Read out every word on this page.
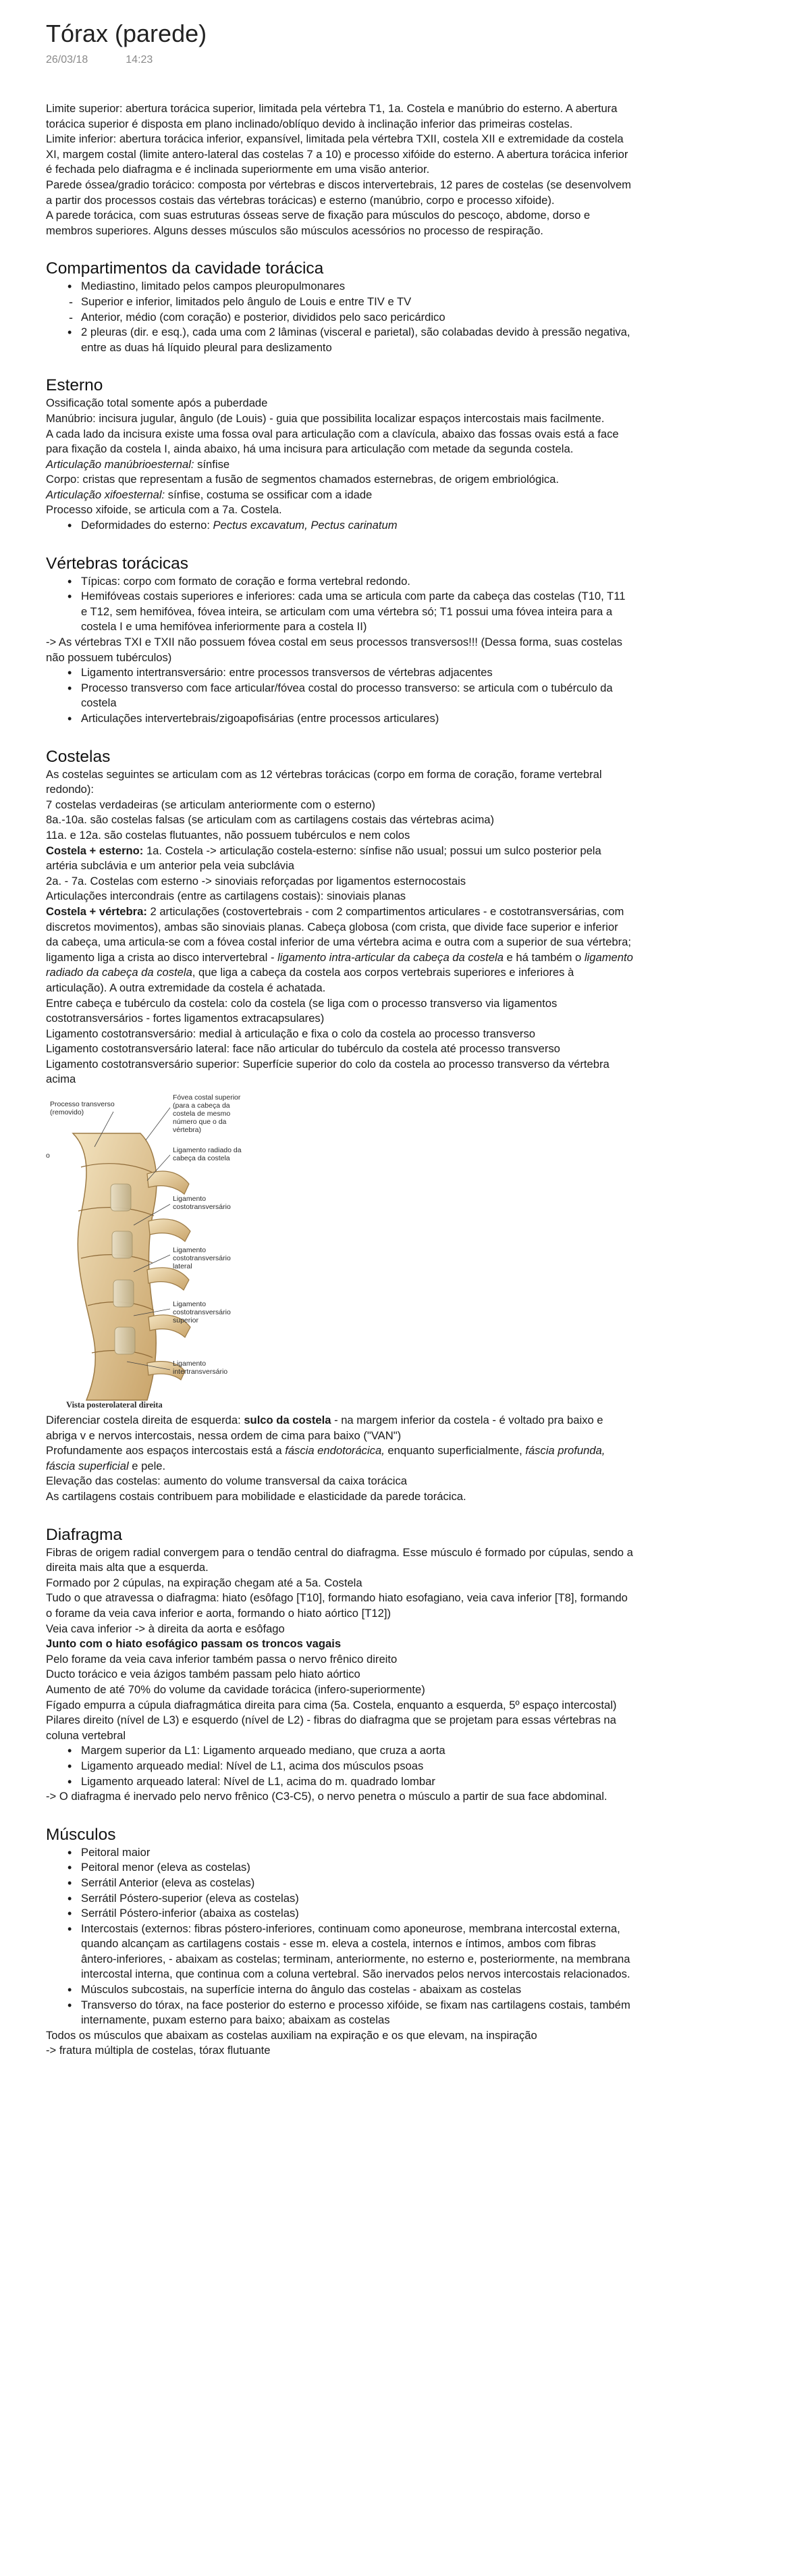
Tórax (parede)
26/03/18	14:23

Limite superior: abertura torácica superior, limitada pela vértebra T1, 1a. Costela e manúbrio do esterno. A abertura torácica superior é disposta em plano inclinado/oblíquo devido à inclinação inferior das primeiras costelas.

Limite inferior: abertura torácica inferior, expansível, limitada pela vértebra TXII, costela XII e extremidade da costela XI, margem costal (limite antero-lateral das costelas 7 a 10) e processo xifóide do esterno. A abertura torácica inferior é fechada pelo diafragma e é inclinada superiormente em uma visão anterior.

Parede óssea/gradio torácico: composta por vértebras e discos intervertebrais, 12 pares de costelas (se desenvolvem a partir dos processos costais das vértebras torácicas) e esterno (manúbrio, corpo e processo xifoide).

A parede torácica, com suas estruturas ósseas serve de fixação para músculos do pescoço, abdome, dorso e membros superiores. Alguns desses músculos são músculos acessórios no processo de respiração.

Compartimentos da cavidade torácica
• Mediastino, limitado pelos campos pleuropulmonares
- Superior e inferior, limitados pelo ângulo de Louis e entre TIV e TV
- Anterior, médio (com coração) e posterior, divididos pelo saco pericárdico
• 2 pleuras (dir. e esq.), cada uma com 2 lâminas (visceral e parietal), são colabadas devido à pressão negativa, entre as duas há líquido pleural para deslizamento
Esterno

Ossificação total somente após a puberdade

Manúbrio: incisura jugular, ângulo (de Louis) - guia que possibilita localizar espaços intercostais mais facilmente.

A cada lado da incisura existe uma fossa oval para articulação com a clavícula, abaixo das fossas ovais está a face para fixação da costela I, ainda abaixo, há uma incisura para articulação com metade da segunda costela.

Articulação manúbrioesternal: sínfise

Corpo: cristas que representam a fusão de segmentos chamados esternebras, de origem embriológica.

Articulação xifoesternal: sínfise, costuma se ossificar com a idade

Processo xifoide, se articula com a 7a. Costela.

• Deformidades do esterno: Pectus excavatum, Pectus carinatum
Vértebras torácicas
• Típicas: corpo com formato de coração e forma vertebral redondo.
• Hemifóveas costais superiores e inferiores: cada uma se articula com parte da cabeça das costelas (T10, T11 e T12, sem hemifóvea, fóvea inteira, se articulam com uma vértebra só; T1 possui uma fóvea inteira para a costela I e uma hemifóvea inferiormente para a costela II)

-> As vértebras TXI e TXII não possuem fóvea costal em seus processos transversos!!! (Dessa forma, suas costelas não possuem tubérculos)

• Ligamento intertransversário: entre processos transversos de vértebras adjacentes
• Processo transverso com face articular/fóvea costal do processo transverso: se articula com o tubérculo da costela
• Articulações intervertebrais/zigoapofisárias (entre processos articulares)
Costelas

As costelas seguintes se articulam com as 12 vértebras torácicas (corpo em forma de coração, forame vertebral redondo):

7 costelas verdadeiras (se articulam anteriormente com o esterno)

8a.-10a. são costelas falsas (se articulam com as cartilagens costais das vértebras acima)

11a. e 12a. são costelas flutuantes, não possuem tubérculos e nem colos

Costela + esterno: 1a. Costela -> articulação costela-esterno: sínfise não usual; possui um sulco posterior pela artéria subclávia e um anterior pela veia subclávia

2a. - 7a. Costelas com esterno -> sinoviais reforçadas por ligamentos esternocostais

Articulações intercondrais (entre as cartilagens costais): sinoviais planas

Costela + vértebra: 2 articulações (costovertebrais - com 2 compartimentos articulares - e costotransversárias, com discretos movimentos), ambas são sinoviais planas. Cabeça globosa (com crista, que divide face superior e inferior da cabeça, uma articula-se com a fóvea costal inferior de uma vértebra acima e outra com a superior de sua vértebra; ligamento liga a crista ao disco intervertebral - ligamento intra-articular da cabeça da costela e há também o ligamento radiado da cabeça da costela, que liga a cabeça da costela aos corpos vertebrais superiores e inferiores à articulação). A outra extremidade da costela é achatada.

Entre cabeça e tubérculo da costela: colo da costela (se liga com o processo transverso via ligamentos costotransversários - fortes ligamentos extracapsulares)

Ligamento costotransversário: medial à articulação e fixa o colo da costela ao processo transverso

Ligamento costotransversário lateral: face não articular do tubérculo da costela até processo transverso

Ligamento costotransversário superior: Superfície superior do colo da costela ao processo transverso da vértebra acima

Processo transverso (removido)
Fóvea costal superior (para a cabeça da costela de mesmo número que o da vértebra)
Ligamento radiado da cabeça da costela
Ligamento costotransversário
Ligamento costotransversário lateral
Ligamento costotransversário superior
Ligamento intertransversário
o
Vista posterolateral direita

Diferenciar costela direita de esquerda: sulco da costela - na margem inferior da costela - é voltado pra baixo e abriga v e nervos intercostais, nessa ordem de cima para baixo ("VAN")

Profundamente aos espaços intercostais está a fáscia endotorácica, enquanto superficialmente, fáscia profunda, fáscia superficial e pele.

Elevação das costelas: aumento do volume transversal da caixa torácica

As cartilagens costais contribuem para mobilidade e elasticidade da parede torácica.

Diafragma

Fibras de origem radial convergem para o tendão central do diafragma. Esse músculo é formado por cúpulas, sendo a direita mais alta que a esquerda.

Formado por 2 cúpulas, na expiração chegam até a 5a. Costela

Tudo o que atravessa o diafragma: hiato (esôfago [T10], formando hiato esofagiano, veia cava inferior [T8], formando o forame da veia cava inferior e aorta, formando o hiato aórtico [T12])

Veia cava inferior -> à direita da aorta e esôfago

Junto com o hiato esofágico passam os troncos vagais

Pelo forame da veia cava inferior também passa o nervo frênico direito

Ducto torácico e veia ázigos também passam pelo hiato aórtico

Aumento de até 70% do volume da cavidade torácica (infero-superiormente)

Fígado empurra a cúpula diafragmática direita para cima (5a. Costela, enquanto a esquerda, 5º espaço intercostal)

Pilares direito (nível de L3) e esquerdo (nível de L2) - fibras do diafragma que se projetam para essas vértebras na coluna vertebral

• Margem superior da L1: Ligamento arqueado mediano, que cruza a aorta
• Ligamento arqueado medial: Nível de L1, acima dos músculos psoas
• Ligamento arqueado lateral: Nível de L1, acima do m. quadrado lombar

-> O diafragma é inervado pelo nervo frênico (C3-C5), o nervo penetra o músculo a partir de sua face abdominal.

Músculos
• Peitoral maior
• Peitoral menor (eleva as costelas)
• Serrátil Anterior (eleva as costelas)
• Serrátil Póstero-superior (eleva as costelas)
• Serrátil Póstero-inferior (abaixa as costelas)
• Intercostais (externos: fibras póstero-inferiores, continuam como aponeurose, membrana intercostal externa, quando alcançam as cartilagens costais - esse m. eleva a costela, internos e íntimos, ambos com fibras ântero-inferiores, - abaixam as costelas; terminam, anteriormente, no esterno e, posteriormente, na membrana intercostal interna, que continua com a coluna vertebral. São inervados pelos nervos intercostais relacionados.
• Músculos subcostais, na superfície interna do ângulo das costelas - abaixam as costelas
• Transverso do tórax, na face posterior do esterno e processo xifóide, se fixam nas cartilagens costais, também internamente, puxam esterno para baixo; abaixam as costelas

Todos os músculos que abaixam as costelas auxiliam na expiração e os que elevam, na inspiração

-> fratura múltipla de costelas, tórax flutuante
